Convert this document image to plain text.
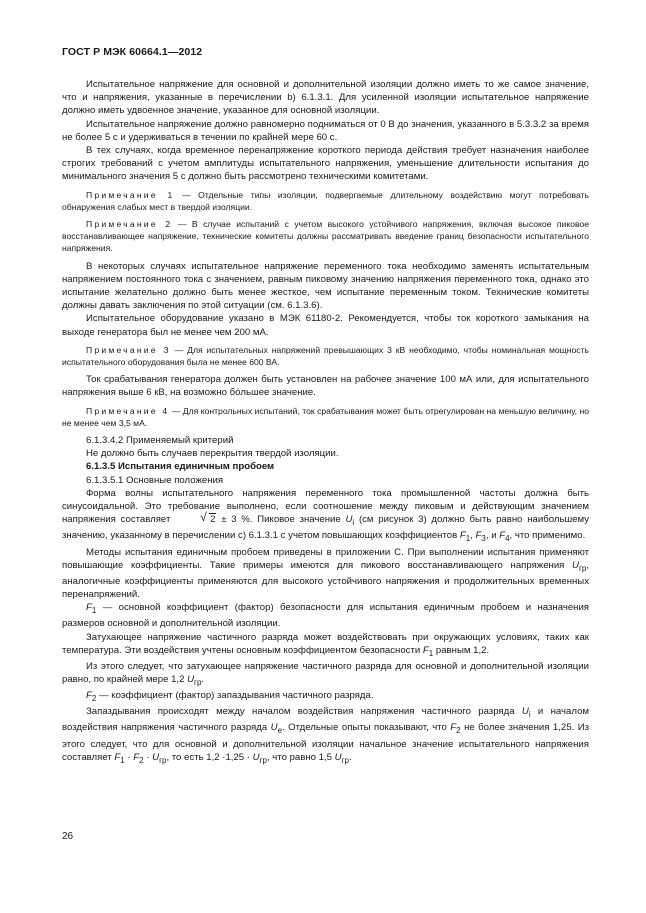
ГОСТ Р МЭК 60664.1—2012

Испытательное напряжение для основной и дополнительной изоляции должно иметь то же самое значение, что и напряжения, указанные в перечислении b) 6.1.3.1. Для усиленной изоляции испытательное напряжение должно иметь удвоенное значение, указанное для основной изоляции.

Испытательное напряжение должно равномерно подниматься от 0 В до значения, указанного в 5.3.3.2 за время не более 5 с и удерживаться в течении по крайней мере 60 с.

В тех случаях, когда временное перенапряжение короткого периода действия требует назначения наиболее строгих требований с учетом амплитуды испытательного напряжения, уменьшение длительности испытания до минимального значения 5 с должно быть рассмотрено техническими комитетами.

Примечание 1 — Отдельные типы изоляции, подвергаемые длительному воздействию могут потребовать обнаружения слабых мест в твердой изоляции.

Примечание 2 — В случае испытаний с учетом высокого устойчивого напряжения, включая высокое пиковое восстанавливающее напряжение, технические комитеты должны рассматривать введение границ безопасности испытательного напряжения.

В некоторых случаях испытательное напряжение переменного тока необходимо заменять испытательным напряжением постоянного тока с значением, равным пиковому значению напряжения переменного тока, однако это испытание желательно должно быть менее жесткое, чем испытание переменным током. Технические комитеты должны давать заключения по этой ситуации (см. 6.1.3.6).

Испытательное оборудование указано в МЭК 61180-2. Рекомендуется, чтобы ток короткого замыкания на выходе генератора был не менее чем 200 мА.

Примечание 3 — Для испытательных напряжений превышающих 3 кВ необходимо, чтобы номинальная мощность испытательного оборудования была не менее 600 ВА.

Ток срабатывания генератора должен быть установлен на рабочее значение 100 мА или, для испытательного напряжения выше 6 кВ, на возможно бо́льшее значение.

Примечание 4 — Для контрольных испытаний, ток срабатывания может быть отрегулирован на меньшую величину, но не менее чем 3,5 мА.

6.1.3.4.2 Применяемый критерий

Не должно быть случаев перекрытия твердой изоляции.

6.1.3.5 Испытания единичным пробоем

6.1.3.5.1 Основные положения

Форма волны испытательного напряжения переменного тока промышленной частоты должна быть синусоидальной. Это требование выполнено, если соотношение между пиковым и действующим значением напряжения составляет √	2 ± 3 %. Пиковое значение $U_i$ (см рисунок 3) должно быть равно наибольшему значению, указанному в перечислении c) 6.1.3.1 с учетом повышающих коэффициентов $F_1$, $F_3$, и $F_4$, что применимо.

Методы испытания единичным пробоем приведены в приложении С. При выполнении испытания применяют повышающие коэффициенты. Такие примеры имеются для пикового восстанавливающего напряжения $U_{гр}$, аналогичные коэффициенты применяются для высокого устойчивого напряжения и продолжительных временных перенапряжений.

$F_1$ — основной коэффициент (фактор) безопасности для испытания единичным пробоем и назначения размеров основной и дополнительной изоляции.

Затухающее напряжение частичного разряда может воздействовать при окружающих условиях, таких как температура. Эти воздействия учтены основным коэффициентом безопасности $F_1$ равным 1,2.

Из этого следует, что затухающее напряжение частичного разряда для основной и дополнительной изоляции равно, по крайней мере 1,2 $U_{гр}$.

$F_2$ — коэффициент (фактор) запаздывания частичного разряда.

Запаздывания происходят между началом воздействия напряжения частичного разряда $U_i$ и началом воздействия напряжения частичного разряда $U_е$. Отдельные опыты показывают, что $F_2$ не более значения 1,25. Из этого следует, что для основной и дополнительной изоляции начальное значение испытательного напряжения составляет $F_1 \cdot F_2 \cdot U_{гр}$, то есть $1,2 \cdot 1,25 \cdot U_{гр}$, что равно 1,5 $U_{гр}$.

26
